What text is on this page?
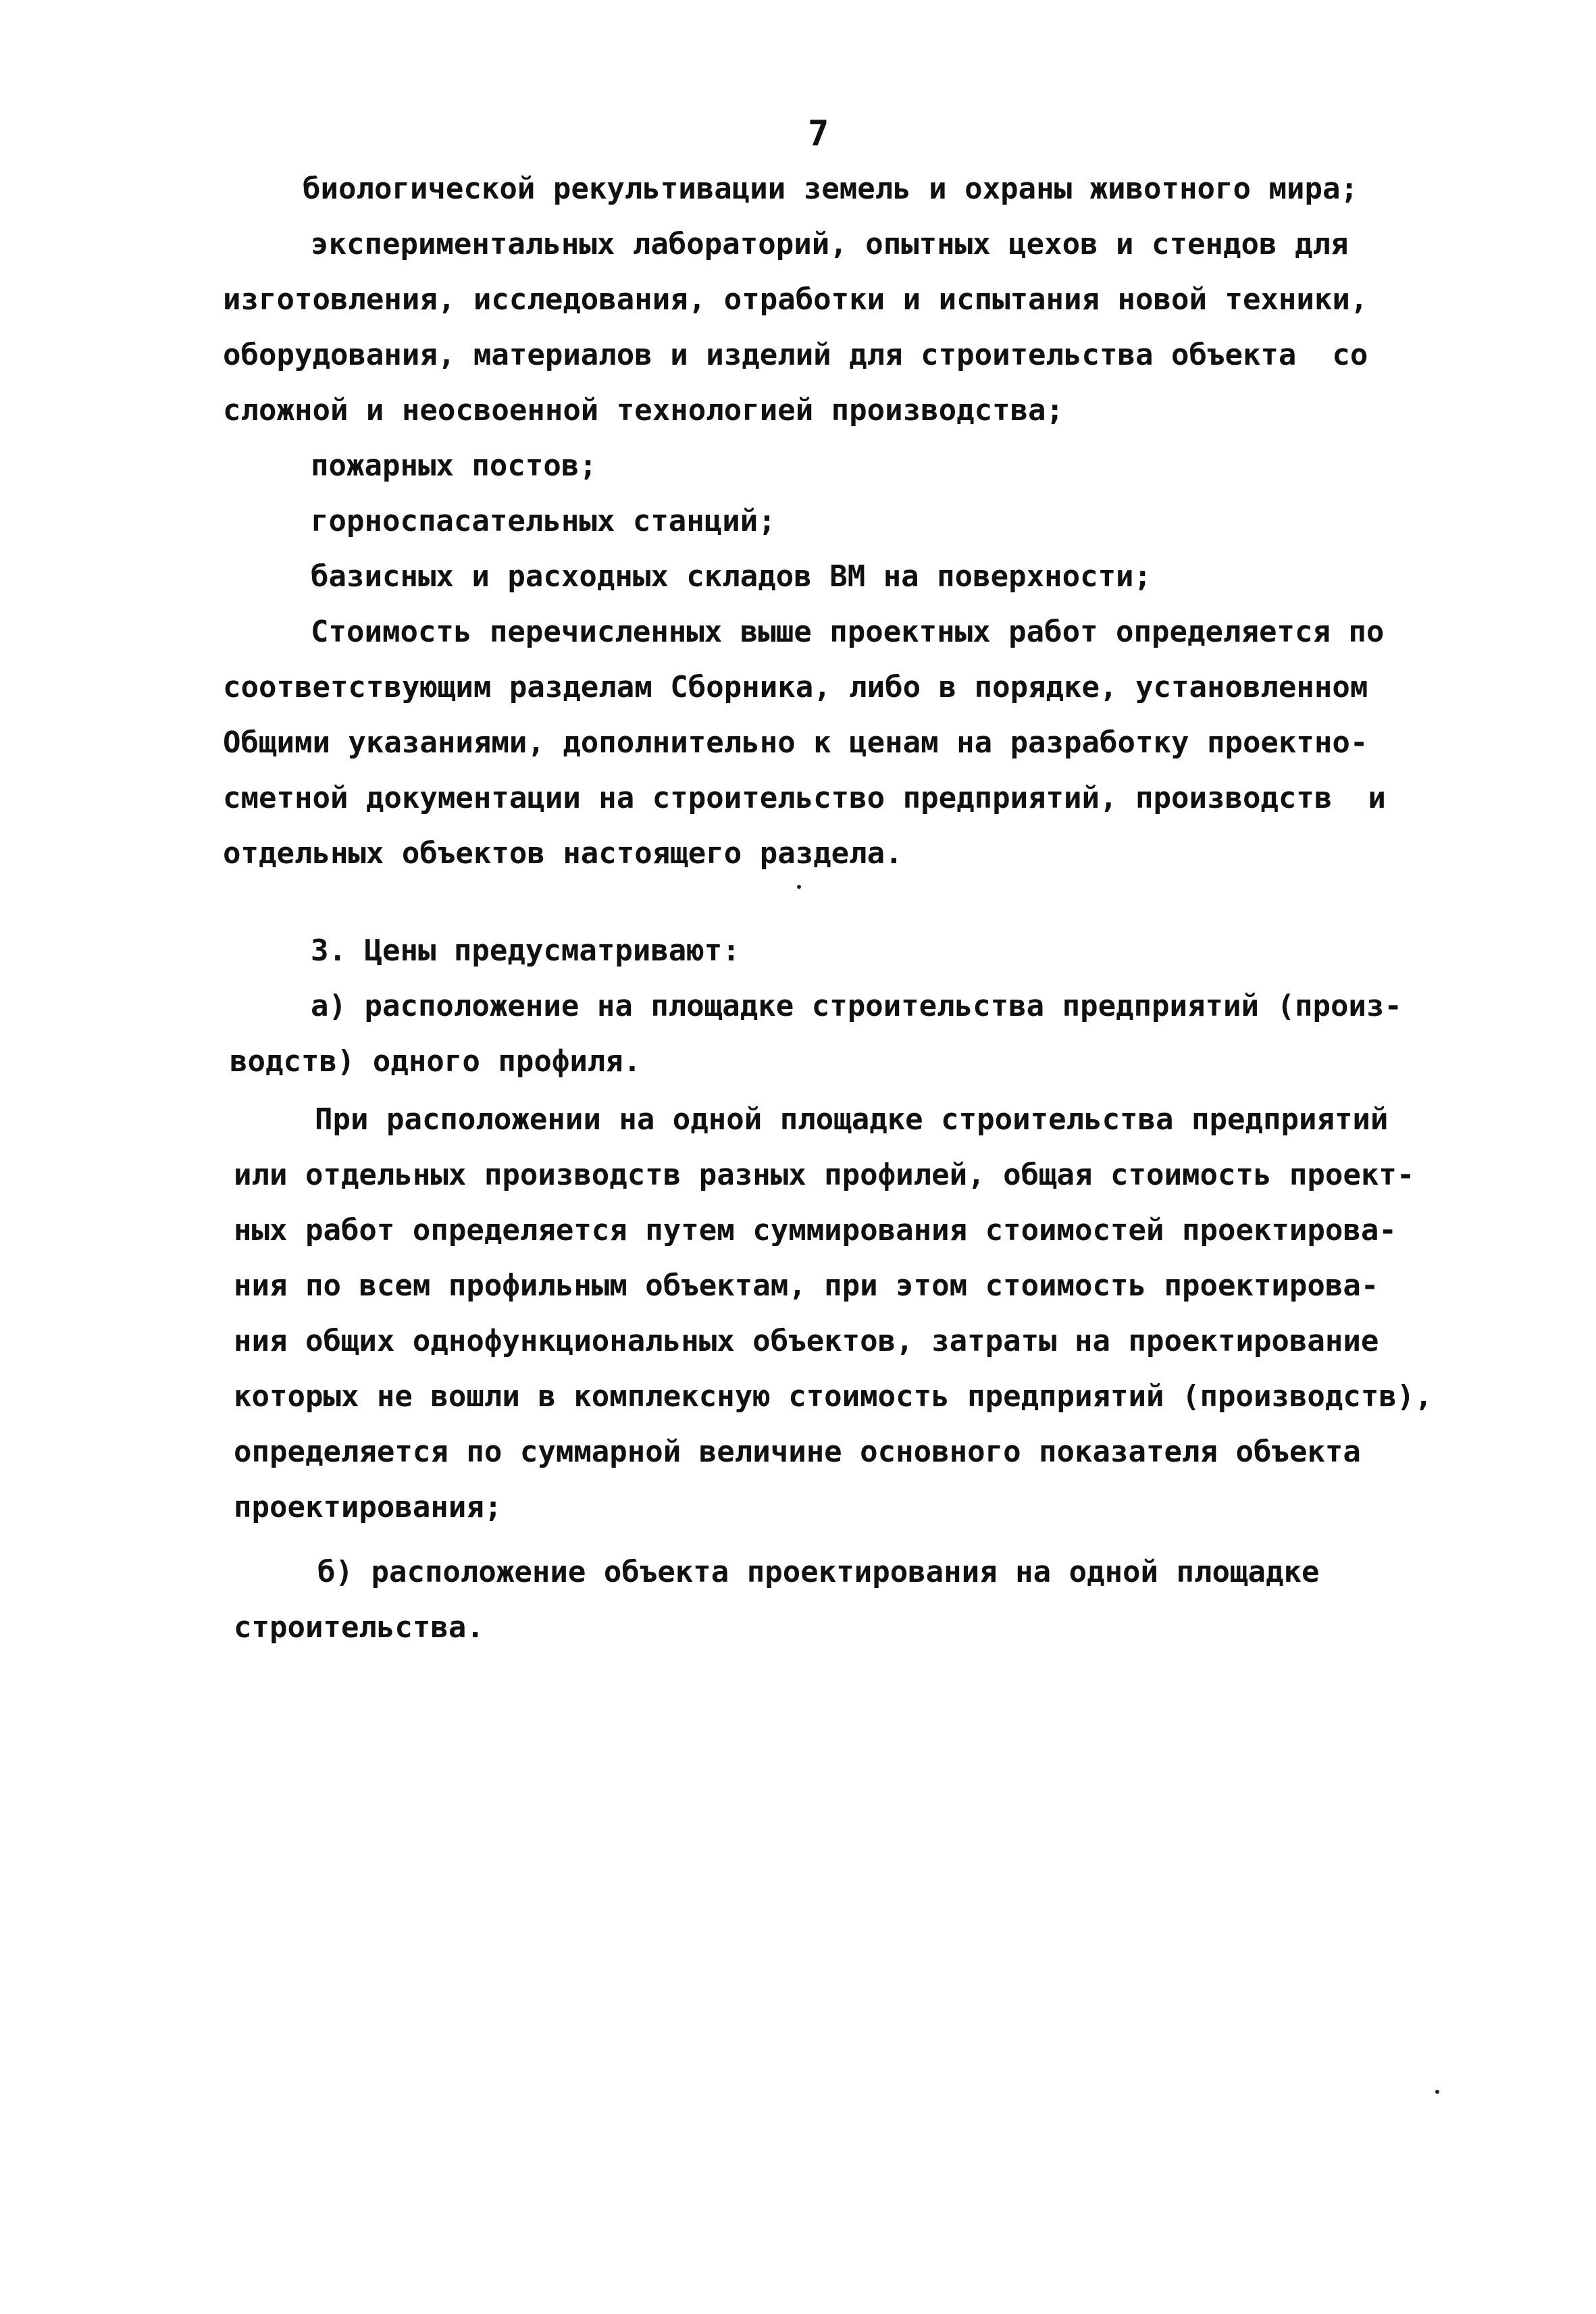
7
биологической рекультивации земель и охраны животного мира;
экспериментальных лабораторий, опытных цехов и стендов для
изготовления, исследования, отработки и испытания новой техники,
оборудования, материалов и изделий для строительства объекта  со
сложной и неосвоенной технологией производства;
пожарных постов;
горноспасательных станций;
базисных и расходных складов ВМ на поверхности;
Стоимость перечисленных выше проектных работ определяется по
соответствующим разделам Сборника, либо в порядке, установленном
Общими указаниями, дополнительно к ценам на разработку проектно-
сметной документации на строительство предприятий, производств  и
отдельных объектов настоящего раздела.
3. Цены предусматривают:
а) расположение на площадке строительства предприятий (произ-
водств) одного профиля.
При расположении на одной площадке строительства предприятий
или отдельных производств разных профилей, общая стоимость проект-
ных работ определяется путем суммирования стоимостей проектирова-
ния по всем профильным объектам, при этом стоимость проектирова-
ния общих однофункциональных объектов, затраты на проектирование
которых не вошли в комплексную стоимость предприятий (производств),
определяется по суммарной величине основного показателя объекта
проектирования;
б) расположение объекта проектирования на одной площадке
строительства.
